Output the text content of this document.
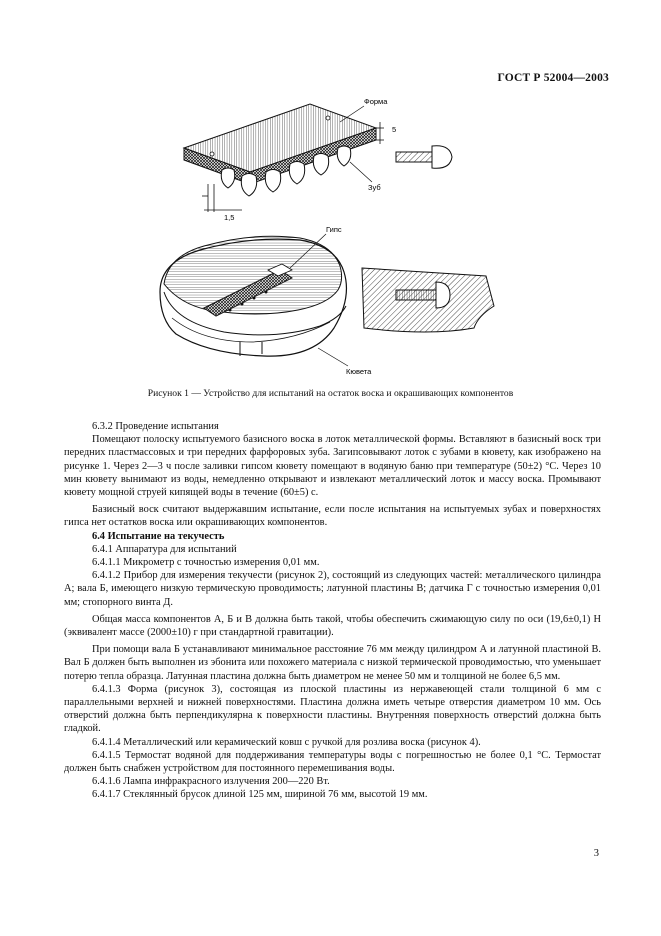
ГОСТ Р 52004—2003
5
Форма
Зуб
1,5
Гипс
Кювета
Рисунок 1 — Устройство для испытаний на остаток воска и окрашивающих компонентов

6.3.2 Проведение испытания

Помещают полоску испытуемого базисного воска в лоток металлической формы. Вставляют в базисный воск три передних пластмассовых и три передних фарфоровых зуба. Загипсовывают лоток с зубами в кювету, как изображено на рисунке 1. Через 2—3 ч после заливки гипсом кювету помещают в водяную баню при температуре (50±2) °С. Через 10 мин кювету вынимают из воды, немедленно открывают и извлекают металлический лоток и массу воска. Промывают кювету мощной струей кипящей воды в течение (60±5) с.

Базисный воск считают выдержавшим испытание, если после испытания на испытуемых зубах и поверхностях гипса нет остатков воска или окрашивающих компонентов.

6.4 Испытание на текучесть

6.4.1 Аппаратура для испытаний

6.4.1.1 Микрометр с точностью измерения 0,01 мм.

6.4.1.2 Прибор для измерения текучести (рисунок 2), состоящий из следующих частей: металлического цилиндра А; вала Б, имеющего низкую термическую проводимость; латунной пластины В; датчика Г с точностью измерения 0,01 мм; стопорного винта Д.

Общая масса компонентов А, Б и В должна быть такой, чтобы обеспечить сжимающую силу по оси (19,6±0,1) Н (эквивалент массе (2000±10) г при стандартной гравитации).

При помощи вала Б устанавливают минимальное расстояние 76 мм между цилиндром А и латунной пластиной В. Вал Б должен быть выполнен из эбонита или похожего материала с низкой термической проводимостью, что уменьшает потерю тепла образца. Латунная пластина должна быть диаметром не менее 50 мм и толщиной не более 6,5 мм.

6.4.1.3 Форма (рисунок 3), состоящая из плоской пластины из нержавеющей стали толщиной 6 мм с параллельными верхней и нижней поверхностями. Пластина должна иметь четыре отверстия диаметром 10 мм. Ось отверстий должна быть перпендикулярна к поверхности пластины. Внутренняя поверхность отверстий должна быть гладкой.

6.4.1.4 Металлический или керамический ковш с ручкой для розлива воска (рисунок 4).

6.4.1.5 Термостат водяной для поддерживания температуры воды с погрешностью не более 0,1 °С. Термостат должен быть снабжен устройством для постоянного перемешивания воды.

6.4.1.6 Лампа инфракрасного излучения 200—220 Вт.

6.4.1.7 Стеклянный брусок длиной 125 мм, шириной 76 мм, высотой 19 мм.

3
